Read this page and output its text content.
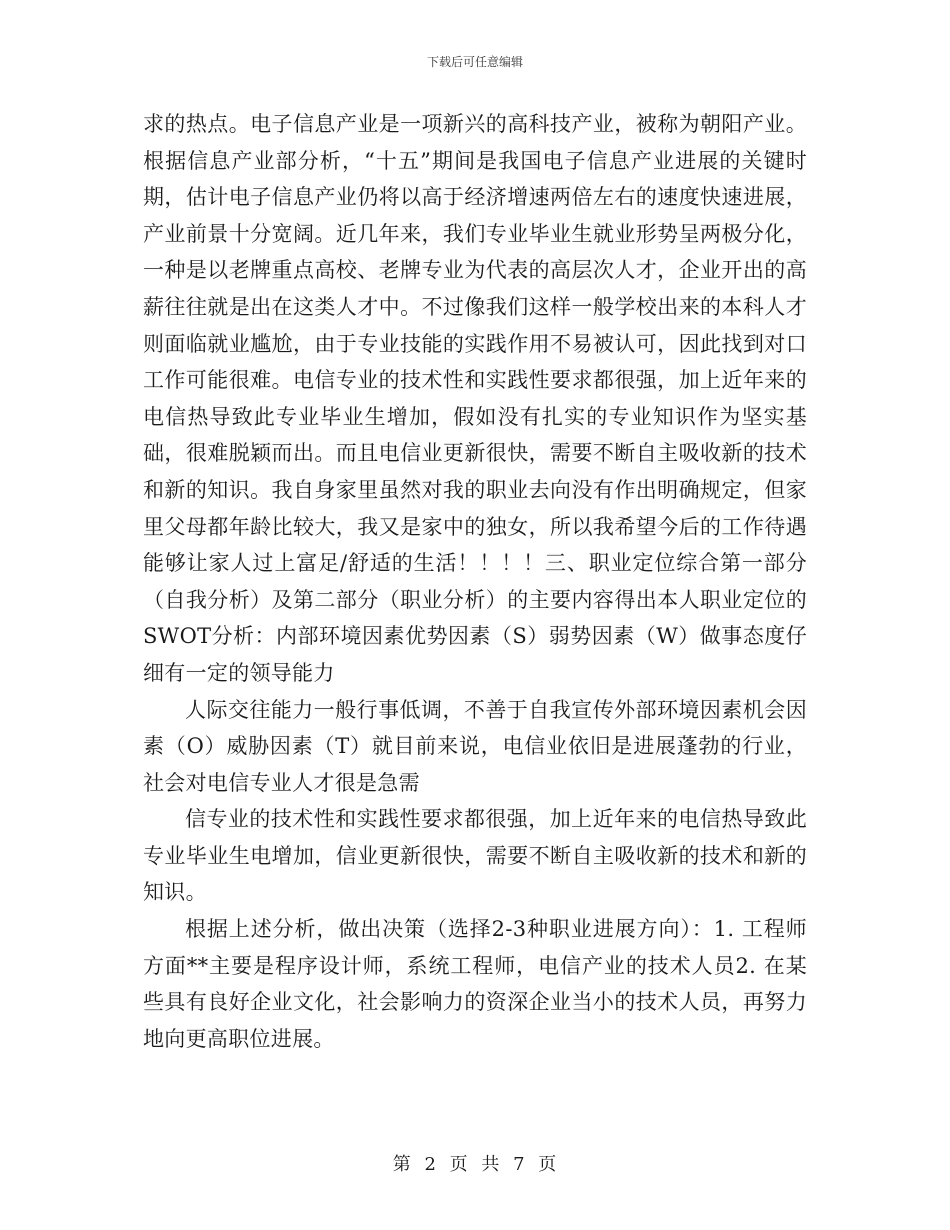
下载后可任意编辑

求的热点。电子信息产业是一项新兴的高科技产业，被称为朝阳产业。根据信息产业部分析，“十五”期间是我国电子信息产业进展的关键时期，估计电子信息产业仍将以高于经济增速两倍左右的速度快速进展，产业前景十分宽阔。近几年来，我们专业毕业生就业形势呈两极分化，一种是以老牌重点高校、老牌专业为代表的高层次人才，企业开出的高薪往往就是出在这类人才中。不过像我们这样一般学校出来的本科人才则面临就业尴尬，由于专业技能的实践作用不易被认可，因此找到对口工作可能很难。电信专业的技术性和实践性要求都很强，加上近年来的电信热导致此专业毕业生增加，假如没有扎实的专业知识作为坚实基础，很难脱颖而出。而且电信业更新很快，需要不断自主吸收新的技术和新的知识。我自身家里虽然对我的职业去向没有作出明确规定，但家里父母都年龄比较大，我又是家中的独女，所以我希望今后的工作待遇能够让家人过上富足/舒适的生活！！！！三、职业定位综合第一部分（自我分析）及第二部分（职业分析）的主要内容得出本人职业定位的SWOT分析：内部环境因素优势因素（S）弱势因素（W）做事态度仔细有一定的领导能力

人际交往能力一般行事低调，不善于自我宣传外部环境因素机会因素（O）威胁因素（T）就目前来说，电信业依旧是进展蓬勃的行业，社会对电信专业人才很是急需

信专业的技术性和实践性要求都很强，加上近年来的电信热导致此专业毕业生电增加，信业更新很快，需要不断自主吸收新的技术和新的知识。

根据上述分析，做出决策（选择2-3种职业进展方向）：1. 工程师方面**主要是程序设计师，系统工程师，电信产业的技术人员2. 在某些具有良好企业文化，社会影响力的资深企业当小的技术人员，再努力地向更高职位进展。

第 2 页 共 7 页
